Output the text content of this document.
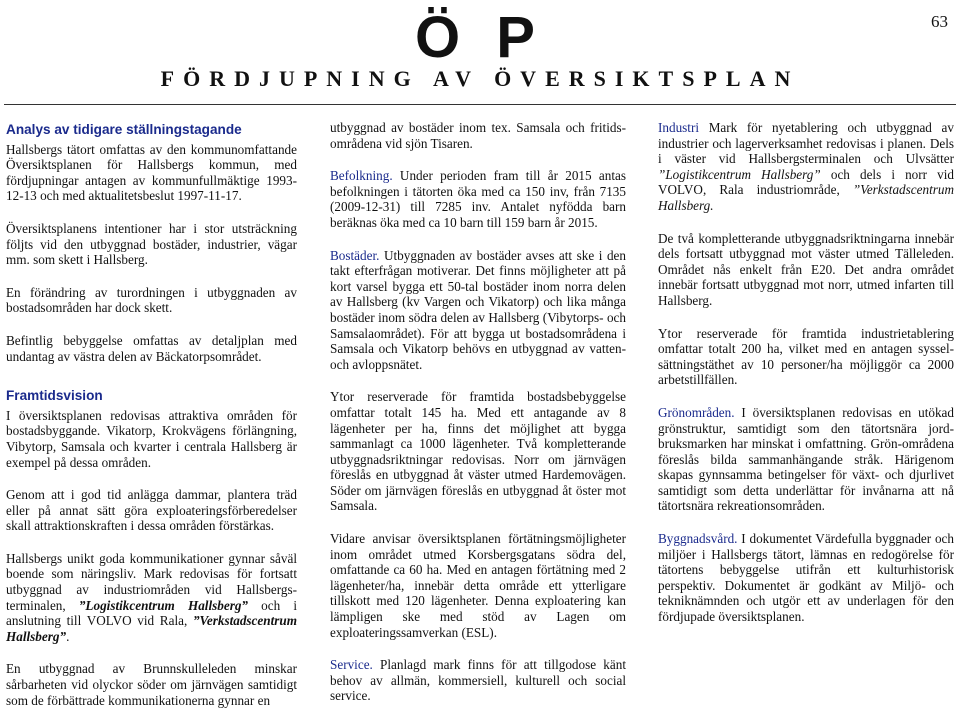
63
Ö P
FÖRDJUPNING AV ÖVERSIKTSPLAN
Analys av tidigare ställningstagande

Hallsbergs tätort omfattas av den kommunomfattande Översiktsplanen för Hallsbergs kommun, med fördjupningar antagen av kommunfullmäktige 1993-12-13 och med aktualitetsbeslut 1997-11-17.

Översiktsplanens intentioner har i stor utsträckning följts vid den utbyggnad bostäder, industrier, vägar mm. som skett i Hallsberg.

En förändring av turordningen i utbyggnaden av bostadsområden har dock skett.

Befintlig bebyggelse omfattas av detaljplan med undantag av västra delen av Bäckatorpsområdet.

Framtidsvision

I översiktsplanen redovisas attraktiva områden för bostadsbyggande. Vikatorp, Krokvägens förlängning, Vibytorp, Samsala och kvarter i centrala Hallsberg är exempel på dessa områden.

Genom att i god tid anlägga dammar, plantera träd eller på annat sätt göra exploateringsförberedelser skall attraktionskraften i dessa områden förstärkas.

Hallsbergs unikt goda kommunikationer gynnar såväl boende som näringsliv. Mark redovisas för fortsatt utbyggnad av industriområden vid Hallsbergs-terminalen, ”Logistikcentrum Hallsberg” och i anslutning till VOLVO vid Rala, ”Verkstadscentrum Hallsberg”.

En utbyggnad av Brunnskulleleden minskar sårbarheten vid olyckor söder om järnvägen samtidigt som de förbättrade kommunikationerna gynnar en

utbyggnad av bostäder inom tex. Samsala och fritids-områdena vid sjön Tisaren.

Befolkning. Under perioden fram till år 2015 antas befolkningen i tätorten öka med ca 150 inv, från 7135 (2009-12-31) till 7285 inv. Antalet nyfödda barn beräknas öka med ca 10 barn till 159 barn år 2015.

Bostäder. Utbyggnaden av bostäder avses att ske i den takt efterfrågan motiverar. Det finns möjligheter att på kort varsel bygga ett 50-tal bostäder inom norra delen av Hallsberg (kv Vargen och Vikatorp) och lika många bostäder inom södra delen av Hallsberg (Vibytorps- och Samsalaområdet). För att bygga ut bostadsområdena i Samsala och Vikatorp behövs en utbyggnad av vatten- och avloppsnätet.

Ytor reserverade för framtida bostadsbebyggelse omfattar totalt 145 ha. Med ett antagande av 8 lägenheter per ha, finns det möjlighet att bygga sammanlagt ca 1000 lägenheter. Två kompletterande utbyggnadsriktningar redovisas. Norr om järnvägen föreslås en utbyggnad åt väster utmed Hardemovägen. Söder om järnvägen föreslås en utbyggnad åt öster mot Samsala.

Vidare anvisar översiktsplanen förtätningsmöjligheter inom området utmed Korsbergsgatans södra del, omfattande ca 60 ha. Med en antagen förtätning med 2 lägenheter/ha, innebär detta område ett ytterligare tillskott med 120 lägenheter. Denna exploatering kan lämpligen ske med stöd av Lagen om exploateringssamverkan (ESL).

Service. Planlagd mark finns för att tillgodose känt behov av allmän, kommersiell, kulturell och social service.

Industri Mark för nyetablering och utbyggnad av industrier och lagerverksamhet redovisas i planen. Dels i väster vid Hallsbergsterminalen och Ulvsätter ”Logistikcentrum Hallsberg” och dels i norr vid VOLVO, Rala industriområde, ”Verkstadscentrum Hallsberg.

De två kompletterande utbyggnadsriktningarna innebär dels fortsatt utbyggnad mot väster utmed Tälleleden. Området nås enkelt från E20. Det andra området innebär fortsatt utbyggnad mot norr, utmed infarten till Hallsberg.

Ytor reserverade för framtida industrietablering omfattar totalt 200 ha, vilket med en antagen syssel-sättningstäthet av 10 personer/ha möjliggör ca 2000 arbetstillfällen.

Grönområden. I översiktsplanen redovisas en utökad grönstruktur, samtidigt som den tätortsnära jord-bruksmarken har minskat i omfattning. Grön-områdena föreslås bilda sammanhängande stråk. Härigenom skapas gynnsamma betingelser för växt- och djurlivet samtidigt som detta underlättar för invånarna att nå tätortsnära rekreationsområden.

Byggnadsvård. I dokumentet Värdefulla byggnader och miljöer i Hallsbergs tätort, lämnas en redogörelse för tätortens bebyggelse utifrån ett kulturhistorisk perspektiv. Dokumentet är godkänt av Miljö- och tekniknämnden och utgör ett av underlagen för den fördjupade översiktsplanen.
